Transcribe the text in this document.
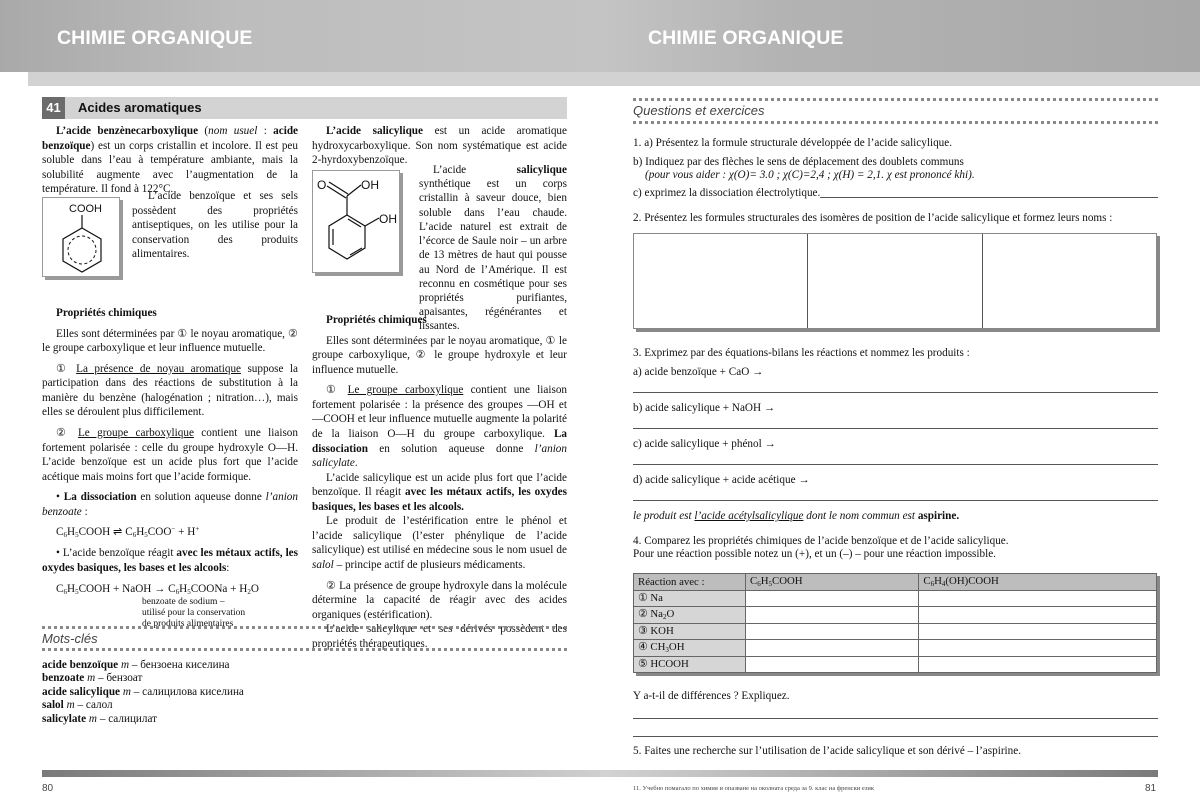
CHIMIE ORGANIQUE	CHIMIE ORGANIQUE
41	Acides aromatiques

L’acide benzènecarboxylique (nom usuel : acide benzoïque) est un corps cristallin et incolore. Il est peu soluble dans l’eau à température ambiante, mais la solubilité augmente avec l’augmentation de la température. Il fond à 122°C.

COOH

L’acide benzoïque et ses sels possèdent des propriétés antiseptiques, on les utilise pour la conservation des produits alimentaires.

Propriétés chimiques

Elles sont déterminées par ① le noyau aromatique, ② le groupe carboxylique et leur influence mutuelle.

① La présence de noyau aromatique suppose la participation dans des réactions de substitution à la manière du benzène (halogénation ; nitration…), mais elles se déroulent plus difficilement.

② Le groupe carboxylique contient une liaison fortement polarisée : celle du groupe hydroxyle O—H. L’acide benzoïque est un acide plus fort que l’acide acétique mais moins fort que l’acide formique.

• La dissociation en solution aqueuse donne l’anion benzoate :

$C_6H_5COOH$ ⇌ $C_6H_5COO^- + H^+$

• L’acide benzoïque réagit avec les métaux actifs, les oxydes basiques, les bases et les alcools:

$C_6H_5COOH$ + NaOH → $C_6H_5COONa + H_2O$

benzoate de sodium –
utilisé pour la conservation
de produits alimentaires

L’acide salicylique est un acide aromatique hydroxycarboxylique. Son nom systématique est acide 2-hyrdoxybenzoïque.

O	OH
OH

L’acide salicylique synthétique est un corps cristallin à saveur douce, bien soluble dans l’eau chaude. L’acide naturel est extrait de l’écorce de Saule noir – un arbre de 13 mètres de haut qui pousse au Nord de l’Amérique. Il est reconnu en cosmétique pour ses propriétés purifiantes, apaisantes, régénérantes et lissantes.

Propriétés chimiques

Elles sont déterminées par le noyau aromatique, ① le groupe carboxylique, ② le groupe hydroxyle et leur influence mutuelle.

① Le groupe carboxylique contient une liaison fortement polarisée : la présence des groupes —OH et —COOH et leur influence mutuelle augmente la polarité de la liaison O—H du groupe carboxylique. La dissociation en solution aqueuse donne l’anion salicylate.

L’acide salicylique est un acide plus fort que l’acide benzoïque. Il réagit avec les métaux actifs, les oxydes basiques, les bases et les alcools.

Le produit de l’estérification entre le phénol et l’acide salicylique (l’ester phénylique de l’acide salicylique) est utilisé en médecine sous le nom usuel de salol – principe actif de plusieurs médicaments.

② La présence de groupe hydroxyle dans la molécule détermine la capacité de réagir avec des acides organiques (estérification).

L’acide salicylique et ses dérivés possèdent des propriétés thérapeutiques.

Mots-clés
acide benzoïque m – бензоена киселина
benzoate m – бензоат
acide salicylique m – салицилова киселина
salol m – салол
salicylate m – салицилат
Questions et exercices
1. a) Présentez la formule structurale développée de l’acide salicylique.
b) Indiquez par des flèches le sens de déplacement des doublets communs
(pour vous aider : χ(O)= 3.0 ; χ(C)=2,4 ; χ(H) = 2,1. χ est prononcé khi).
c) exprimez la dissociation électrolytique.
2. Présentez les formules structurales des isomères de position de l’acide salicylique et formez leurs noms :
3. Exprimez par des équations-bilans les réactions et nommez les produits :
a) acide benzoïque + CaO →
b) acide salicylique + NaOH →
c) acide salicylique + phénol →
d) acide salicylique + acide acétique →
le produit est l’acide acétylsalicylique dont le nom commun est aspirine.
4. Comparez les propriétés chimiques de l’acide benzoïque et de l’acide salicylique.
Pour une réaction possible notez un (+), et un (–) – pour une réaction impossible.
Réaction avec :	$C_6H_5COOH$	$C_6H_4(OH)COOH$
① Na		
② $Na_2O$		
③ KOH		
④ $CH_3OH$		
⑤ HCOOH		
Y a-t-il de différences ? Expliquez.
5. Faites une recherche sur l’utilisation de l’acide salicylique et son dérivé – l’aspirine.
80	81
11. Учебно помагало по химия и опазване на околната среда за 9. клас на френски език
